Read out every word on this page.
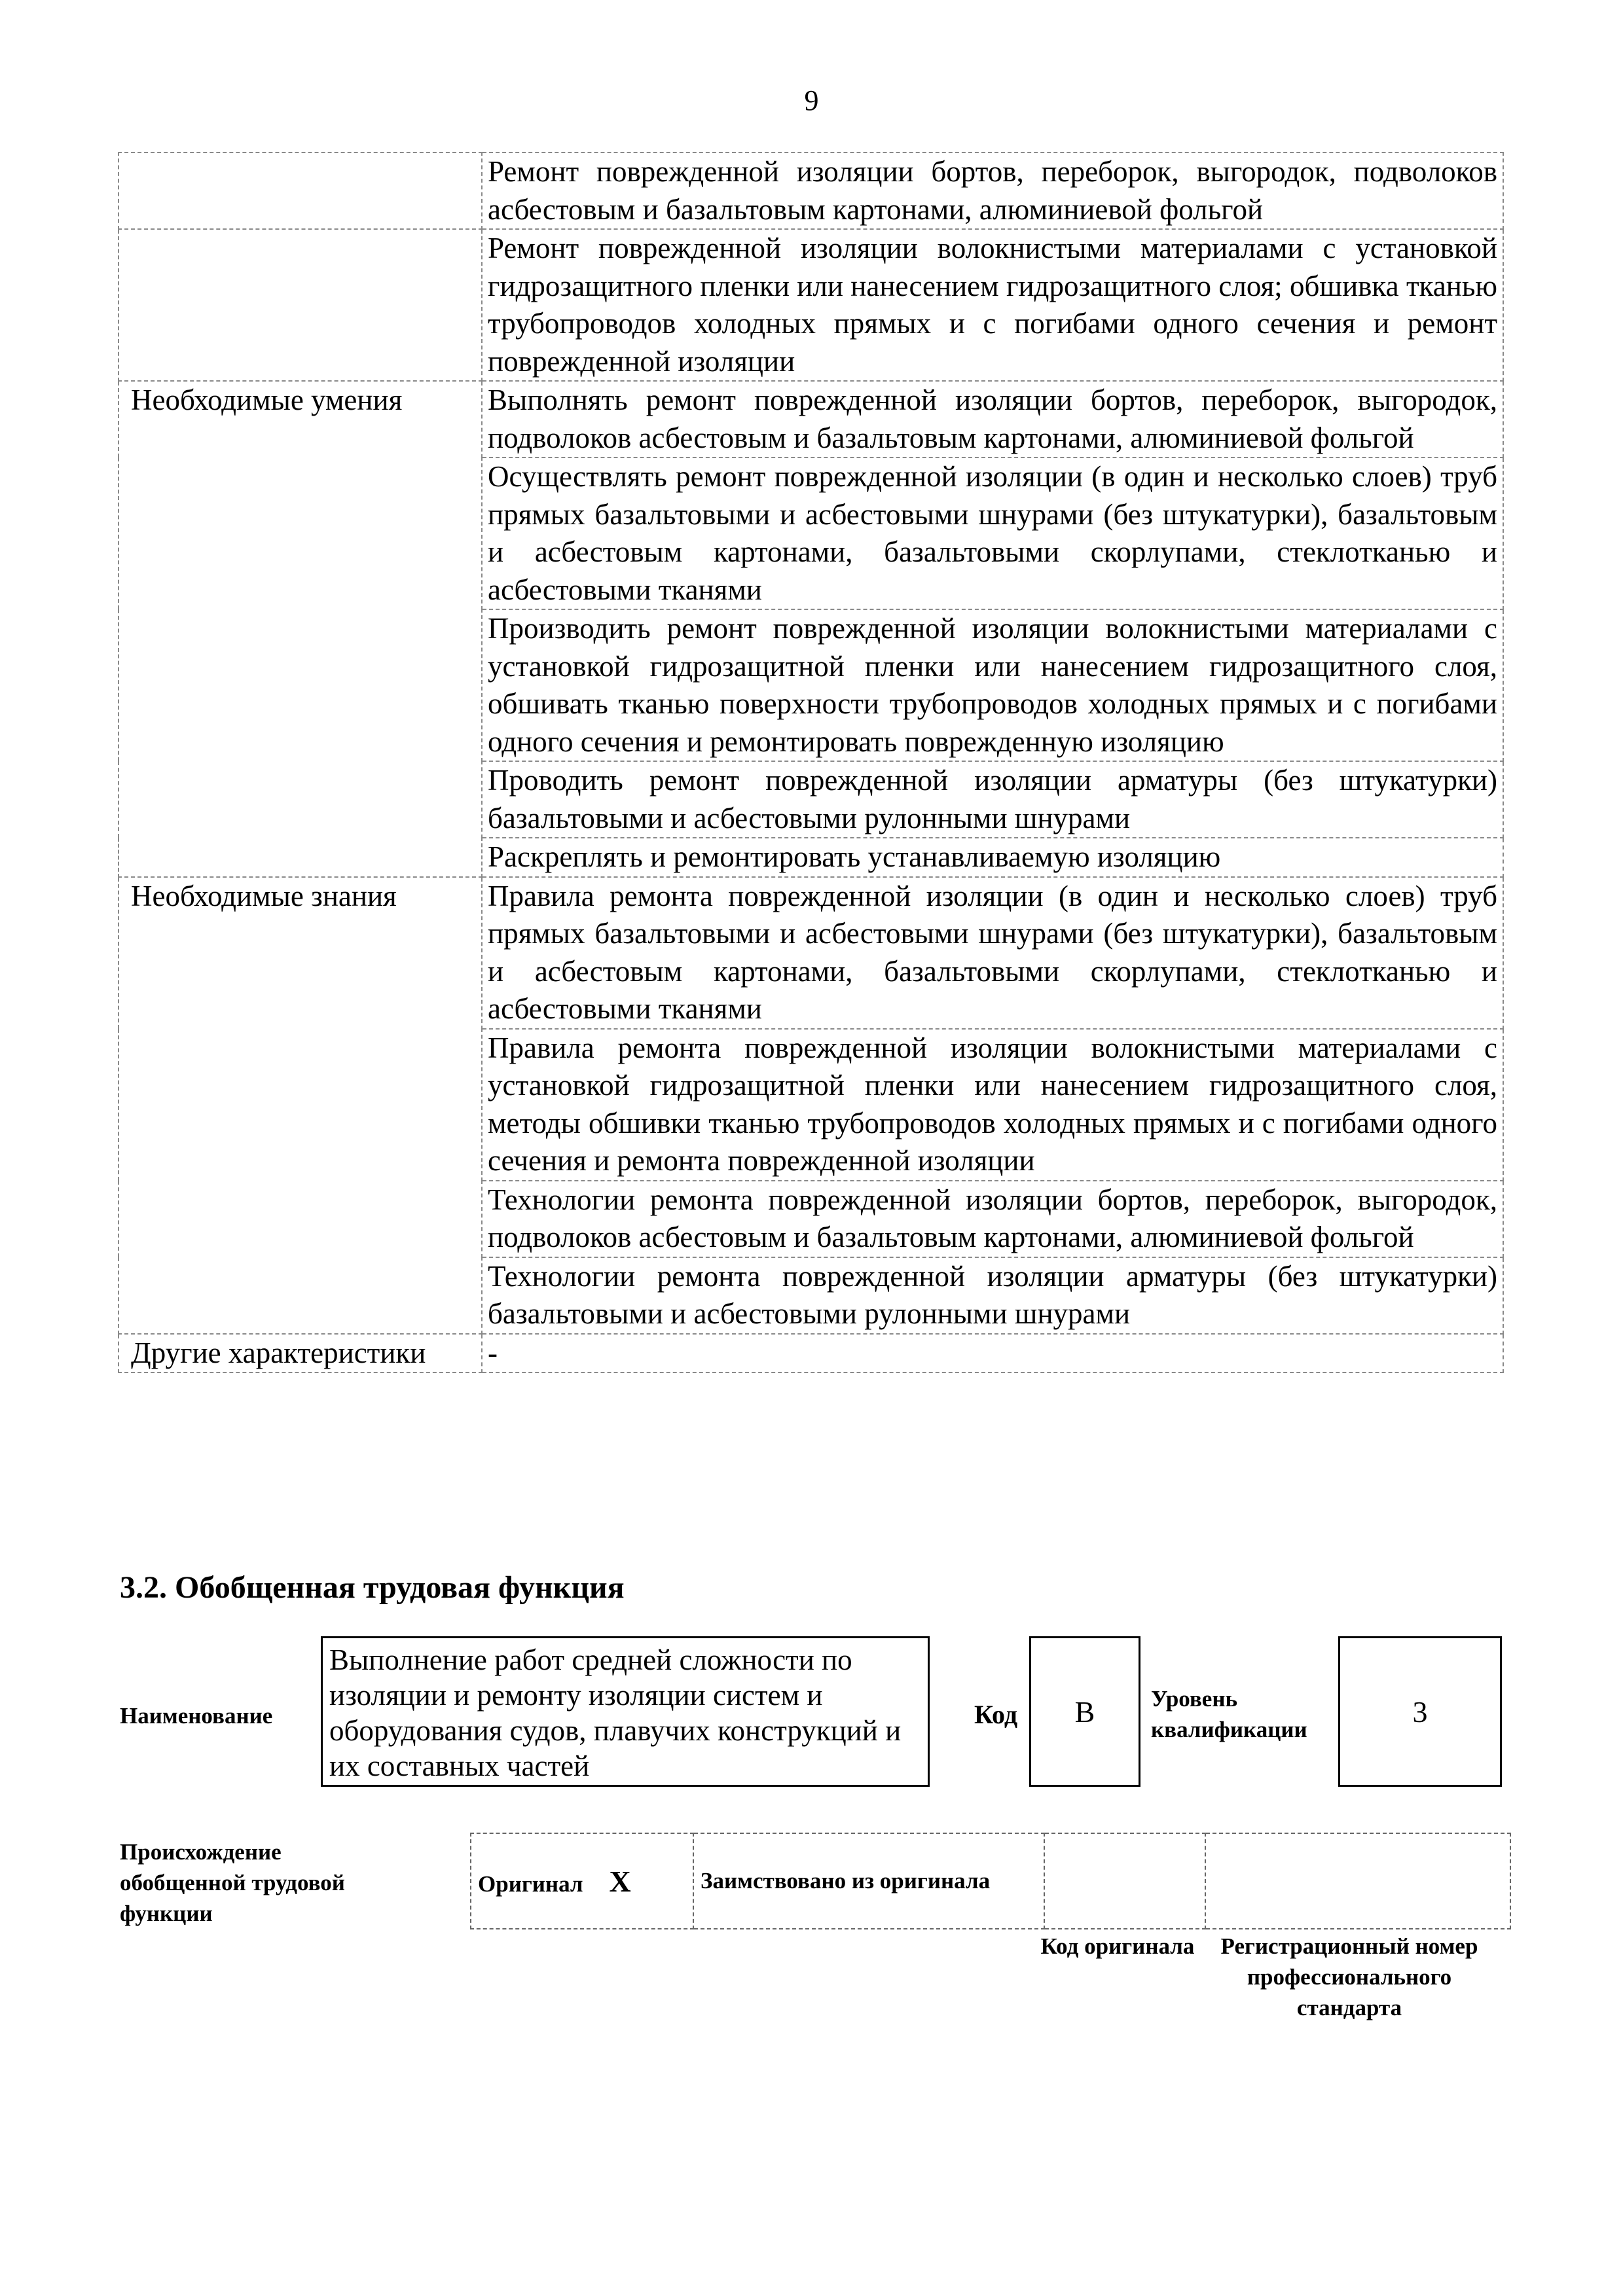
9
	Ремонт поврежденной изоляции бортов, переборок, выгородок, подволоков асбестовым и базальтовым картонами, алюминиевой фольгой
	Ремонт поврежденной изоляции волокнистыми материалами с установкой гидрозащитного пленки или нанесением гидрозащитного слоя; обшивка тканью трубопроводов холодных прямых и с погибами одного сечения и ремонт поврежденной изоляции
Необходимые умения	Выполнять ремонт поврежденной изоляции бортов, переборок, выгородок, подволоков асбестовым и базальтовым картонами, алюминиевой фольгой
	Осуществлять ремонт поврежденной изоляции (в один и несколько слоев) труб прямых базальтовыми и асбестовыми шнурами (без штукатурки), базальтовым и асбестовым картонами, базальтовыми скорлупами, стеклотканью и асбестовыми тканями
	Производить ремонт поврежденной изоляции волокнистыми материалами с установкой гидрозащитной пленки или нанесением гидрозащитного слоя, обшивать тканью поверхности трубопроводов холодных прямых и с погибами одного сечения и ремонтировать поврежденную изоляцию
	Проводить ремонт поврежденной изоляции арматуры (без штукатурки) базальтовыми и асбестовыми рулонными шнурами
	Раскреплять и ремонтировать устанавливаемую изоляцию
Необходимые знания	Правила ремонта поврежденной изоляции (в один и несколько слоев) труб прямых базальтовыми и асбестовыми шнурами (без штукатурки), базальтовым и асбестовым картонами, базальтовыми скорлупами, стеклотканью и асбестовыми тканями
	Правила ремонта поврежденной изоляции волокнистыми материалами с установкой гидрозащитной пленки или нанесением гидрозащитного слоя, методы обшивки тканью трубопроводов холодных прямых и с погибами одного сечения и ремонта поврежденной изоляции
	Технологии ремонта поврежденной изоляции бортов, переборок, выгородок, подволоков асбестовым и базальтовым картонами, алюминиевой фольгой
	Технологии ремонта поврежденной изоляции арматуры (без штукатурки) базальтовыми и асбестовыми рулонными шнурами
Другие характеристики	-
3.2. Обобщенная трудовая функция
Наименование
Выполнение работ средней сложности по изоляции и ремонту изоляции систем и оборудования судов, плавучих конструкций и их составных частей
Код B Уровень квалификации
3
Происхождение обобщенной трудовой функции
Оригинал X	Заимствовано из оригинала		
Код оригинала	Регистрационный номер профессионального стандарта
